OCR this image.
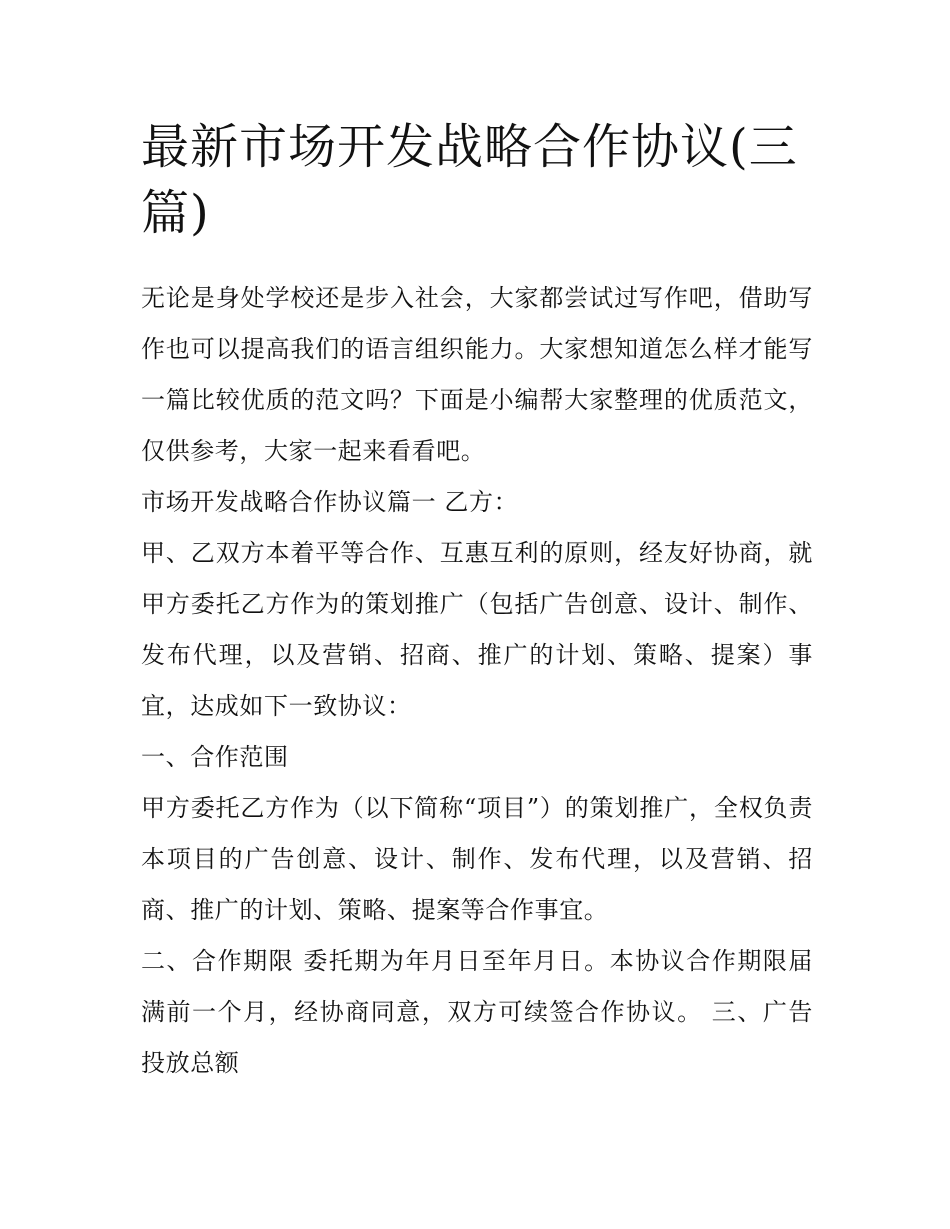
最新市场开发战略合作协议(三篇)

无论是身处学校还是步入社会，大家都尝试过写作吧，借助写作也可以提高我们的语言组织能力。大家想知道怎么样才能写一篇比较优质的范文吗？下面是小编帮大家整理的优质范文，仅供参考，大家一起来看看吧。

市场开发战略合作协议篇一 乙方：

甲、乙双方本着平等合作、互惠互利的原则，经友好协商，就甲方委托乙方作为的策划推广（包括广告创意、设计、制作、发布代理，以及营销、招商、推广的计划、策略、提案）事宜，达成如下一致协议：

一、合作范围

甲方委托乙方作为（以下简称“项目”）的策划推广，全权负责本项目的广告创意、设计、制作、发布代理，以及营销、招商、推广的计划、策略、提案等合作事宜。

二、合作期限 委托期为年月日至年月日。本协议合作期限届满前一个月，经协商同意，双方可续签合作协议。 三、广告投放总额
